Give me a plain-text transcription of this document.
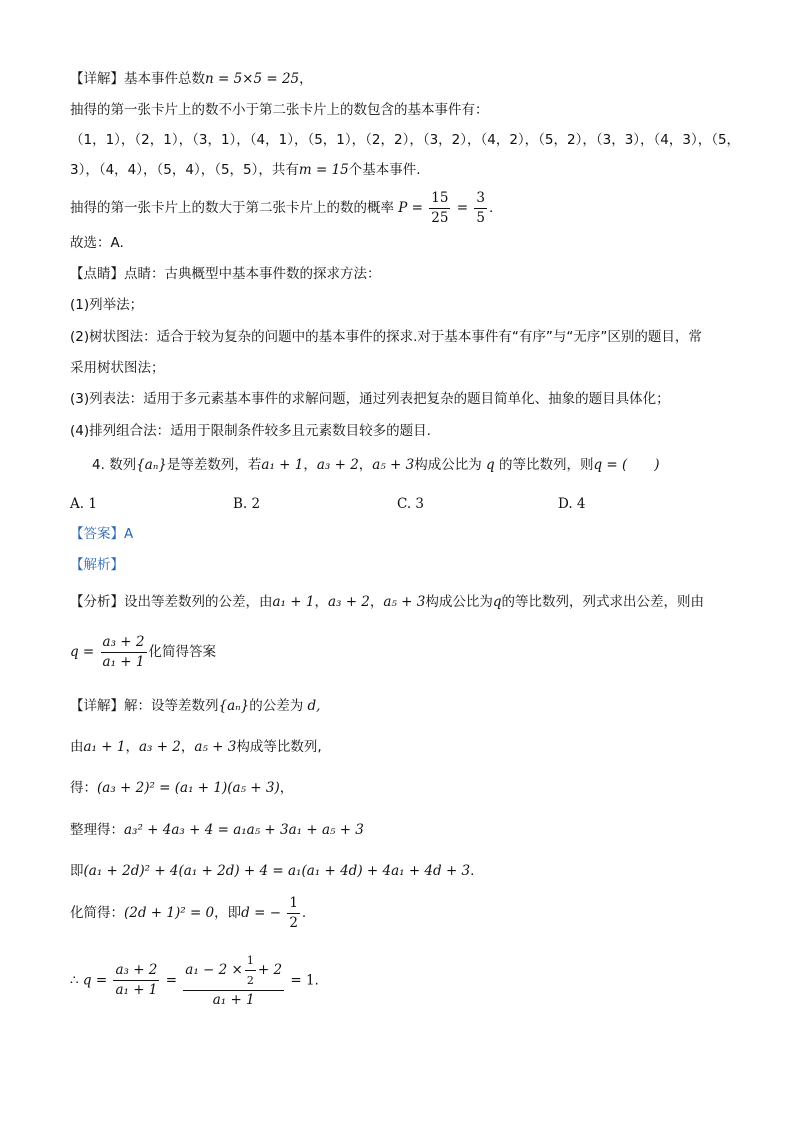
【详解】基本事件总数n = 5×5 = 25，
抽得的第一张卡片上的数不小于第二张卡片上的数包含的基本事件有：
（1，1），（2，1），（3，1），（4，1），（5，1），（2，2），（3，2），（4，2），（5，2），（3，3），（4，3），（5，
3），（4，4），（5，4），（5，5），共有m = 15个基本事件.
抽得的第一张卡片上的数大于第二张卡片上的数的概率 $P = \frac{15}{25} = \frac{3}{5}$ .
故选：A.
【点睛】点睛：古典概型中基本事件数的探求方法：
(1)列举法；
(2)树状图法：适合于较为复杂的问题中的基本事件的探求.对于基本事件有“有序”与“无序”区别的题目，常
采用树状图法；
(3)列表法：适用于多元素基本事件的求解问题，通过列表把复杂的题目简单化、抽象的题目具体化；
(4)排列组合法：适用于限制条件较多且元素数目较多的题目.
4. 数列{aₙ}是等差数列，若a₁ + 1，a₃ + 2，a₅ + 3构成公比为 q 的等比数列，则q = (　　)
A. 1	B. 2	C. 3	D. 4
【答案】A
【解析】
【分析】设出等差数列的公差，由a₁ + 1，a₃ + 2，a₅ + 3构成公比为q的等比数列，列式求出公差，则由
$q = \frac{\text{a₃ + 2}}{\text{a₁ + 1}}$ 化简得答案
【详解】解：设等差数列{aₙ}的公差为 d,
由a₁ + 1，a₃ + 2，a₅ + 3构成等比数列,
得：(a₃ + 2)² = (a₁ + 1)(a₅ + 3)，
整理得：a₃² + 4a₃ + 4 = a₁a₅ + 3a₁ + a₅ + 3
即(a₁ + 2d)² + 4(a₁ + 2d) + 4 = a₁(a₁ + 4d) + 4a₁ + 4d + 3.
化简得：(2d + 1)² = 0，即d = − $\frac{1}{2}$ .
∴ $q = \frac{\text{a₃ + 2}}{\text{a₁ + 1}} = \frac{a_1 - 2 \times \frac{1}{2} + 2}{\text{a₁ + 1}} = 1$.
